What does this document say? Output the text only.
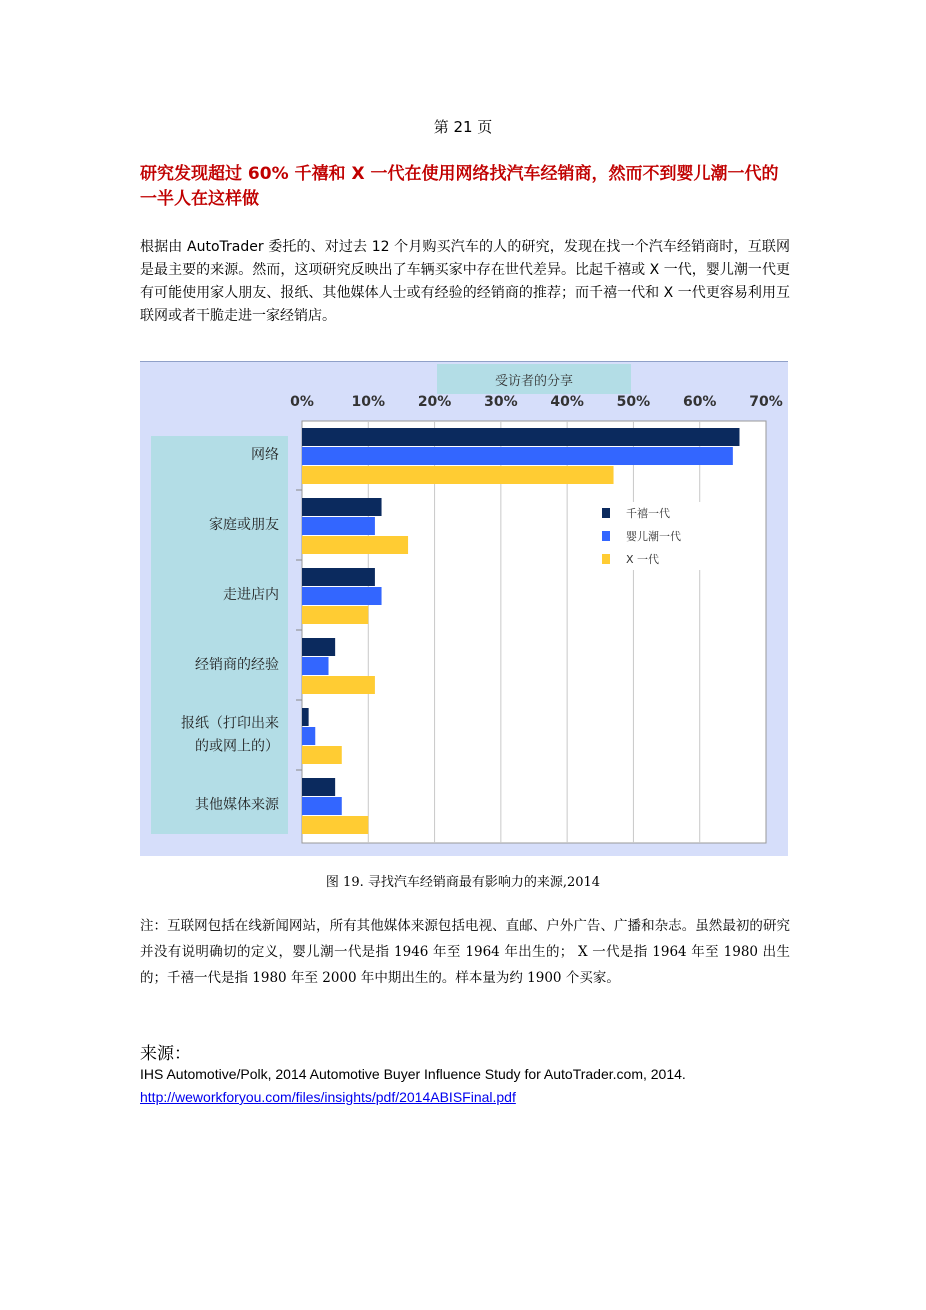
第 21 页
研究发现超过 60% 千禧和 X 一代在使用网络找汽车经销商，然而不到婴儿潮一代的一半人在这样做
根据由 AutoTrader 委托的、对过去 12 个月购买汽车的人的研究，发现在找一个汽车经销商时，互联网是最主要的来源。然而，这项研究反映出了车辆买家中存在世代差异。比起千禧或 X 一代，婴儿潮一代更有可能使用家人朋友、报纸、其他媒体人士或有经验的经销商的推荐；而千禧一代和 X 一代更容易利用互联网或者干脆走进一家经销店。
受访者的分享
0%	10% 20% 30% 40% 50% 60% 70%
网络
家庭或朋友
走进店内
经销商的经验
报纸（打印出来
的或网上的）
其他媒体来源
千禧一代
婴儿潮一代
X 一代
图 19. 寻找汽车经销商最有影响力的来源,2014
注：互联网包括在线新闻网站，所有其他媒体来源包括电视、直邮、户外广告、广播和杂志。虽然最初的研究并没有说明确切的定义，婴儿潮一代是指 1946 年至 1964 年出生的； X 一代是指 1964 年至 1980 出生的；千禧一代是指 1980 年至 2000 年中期出生的。样本量为约 1900 个买家。
来源：
IHS Automotive/Polk, 2014 Automotive Buyer Influence Study for AutoTrader.com, 2014.
http://weworkforyou.com/files/insights/pdf/2014ABISFinal.pdf
